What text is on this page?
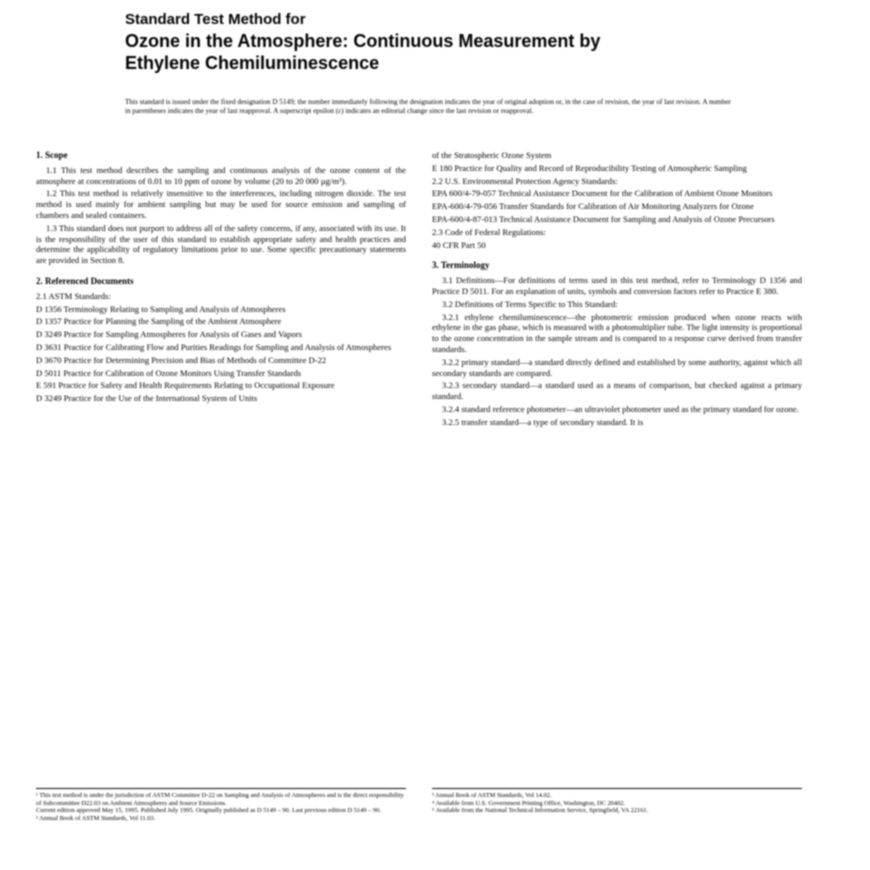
Standard Test Method for
Ozone in the Atmosphere: Continuous Measurement by
Ethylene Chemiluminescence
This standard is issued under the fixed designation D 5149; the number immediately following the designation indicates the year of original adoption or, in the case of revision, the year of last revision. A number in parentheses indicates the year of last reapproval. A superscript epsilon (ε) indicates an editorial change since the last revision or reapproval.
1. Scope
1.1 This test method describes the sampling and continuous analysis of the ozone content of the atmosphere at concentrations of 0.01 to 10 ppm of ozone by volume (20 to 20 000 µg/m³).
1.2 This test method is relatively insensitive to the interferences, including nitrogen dioxide. The test method is used mainly for ambient sampling but may be used for source emission and sampling of chambers and sealed containers.
1.3 This standard does not purport to address all of the safety concerns, if any, associated with its use. It is the responsibility of the user of this standard to establish appropriate safety and health practices and determine the applicability of regulatory limitations prior to use. Some specific precautionary statements are provided in Section 8.
2. Referenced Documents
2.1 ASTM Standards:
D 1356 Terminology Relating to Sampling and Analysis of Atmospheres
D 1357 Practice for Planning the Sampling of the Ambient Atmosphere
D 3249 Practice for Sampling Atmospheres for Analysis of Gases and Vapors
D 3631 Practice for Calibrating Flow and Purities Readings for Sampling and Analysis of Atmospheres
D 3670 Practice for Determining Precision and Bias of Methods of Committee D-22
D 5011 Practice for Calibration of Ozone Monitors Using Transfer Standards
E 591 Practice for Safety and Health Requirements Relating to Occupational Exposure
D 3249 Practice for the Use of the International System of Units
of the Stratospheric Ozone System
E 180 Practice for Quality and Record of Reproducibility Testing of Atmospheric Sampling
2.2 U.S. Environmental Protection Agency Standards:
EPA 600/4-79-057 Technical Assistance Document for the Calibration of Ambient Ozone Monitors
EPA-600/4-79-056 Transfer Standards for Calibration of Air Monitoring Analyzers for Ozone
EPA-600/4-87-013 Technical Assistance Document for Sampling and Analysis of Ozone Precursors
2.3 Code of Federal Regulations:
40 CFR Part 50
3. Terminology
3.1 Definitions—For definitions of terms used in this test method, refer to Terminology D 1356 and Practice D 5011. For an explanation of units, symbols and conversion factors refer to Practice E 380.
3.2 Definitions of Terms Specific to This Standard:
3.2.1 ethylene chemiluminescence—the photometric emission produced when ozone reacts with ethylene in the gas phase, which is measured with a photomultiplier tube. The light intensity is proportional to the ozone concentration in the sample stream and is compared to a response curve derived from transfer standards.
3.2.2 primary standard—a standard directly defined and established by some authority, against which all secondary standards are compared.
3.2.3 secondary standard—a standard used as a means of comparison, but checked against a primary standard.
3.2.4 standard reference photometer—an ultraviolet photometer used as the primary standard for ozone.
3.2.5 transfer standard—a type of secondary standard. It is
¹ This test method is under the jurisdiction of ASTM Committee D-22 on Sampling and Analysis of Atmospheres and is the direct responsibility of Subcommittee D22.03 on Ambient Atmospheres and Source Emissions.
Current edition approved May 15, 1995. Published July 1995. Originally published as D 5149 – 90. Last previous edition D 5149 – 90.
² Annual Book of ASTM Standards, Vol 11.03.
³ Annual Book of ASTM Standards, Vol 14.02.
⁴ Available from U.S. Government Printing Office, Washington, DC 20402.
⁵ Available from the National Technical Information Service, Springfield, VA 22161.
